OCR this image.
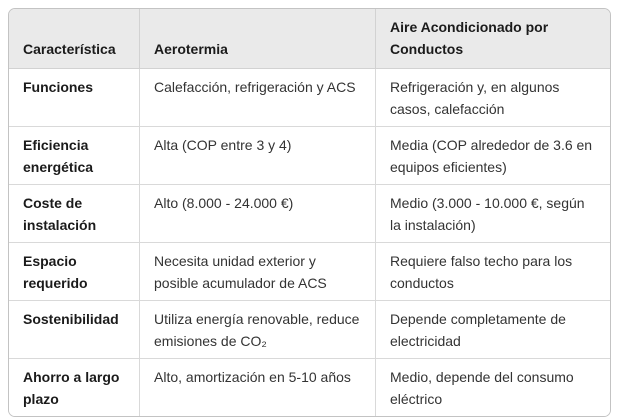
Característica	Aerotermia	Aire Acondicionado por Conductos
Funciones	Calefacción, refrigeración y ACS	Refrigeración y, en algunos casos, calefacción
Eficiencia energética	Alta (COP entre 3 y 4)	Media (COP alrededor de 3.6 en equipos eficientes)
Coste de instalación	Alto (8.000 - 24.000 €)	Medio (3.000 - 10.000 €, según la instalación)
Espacio requerido	Necesita unidad exterior y posible acumulador de ACS	Requiere falso techo para los conductos
Sostenibilidad	Utiliza energía renovable, reduce emisiones de CO₂	Depende completamente de electricidad
Ahorro a largo plazo	Alto, amortización en 5-10 años	Medio, depende del consumo eléctrico
